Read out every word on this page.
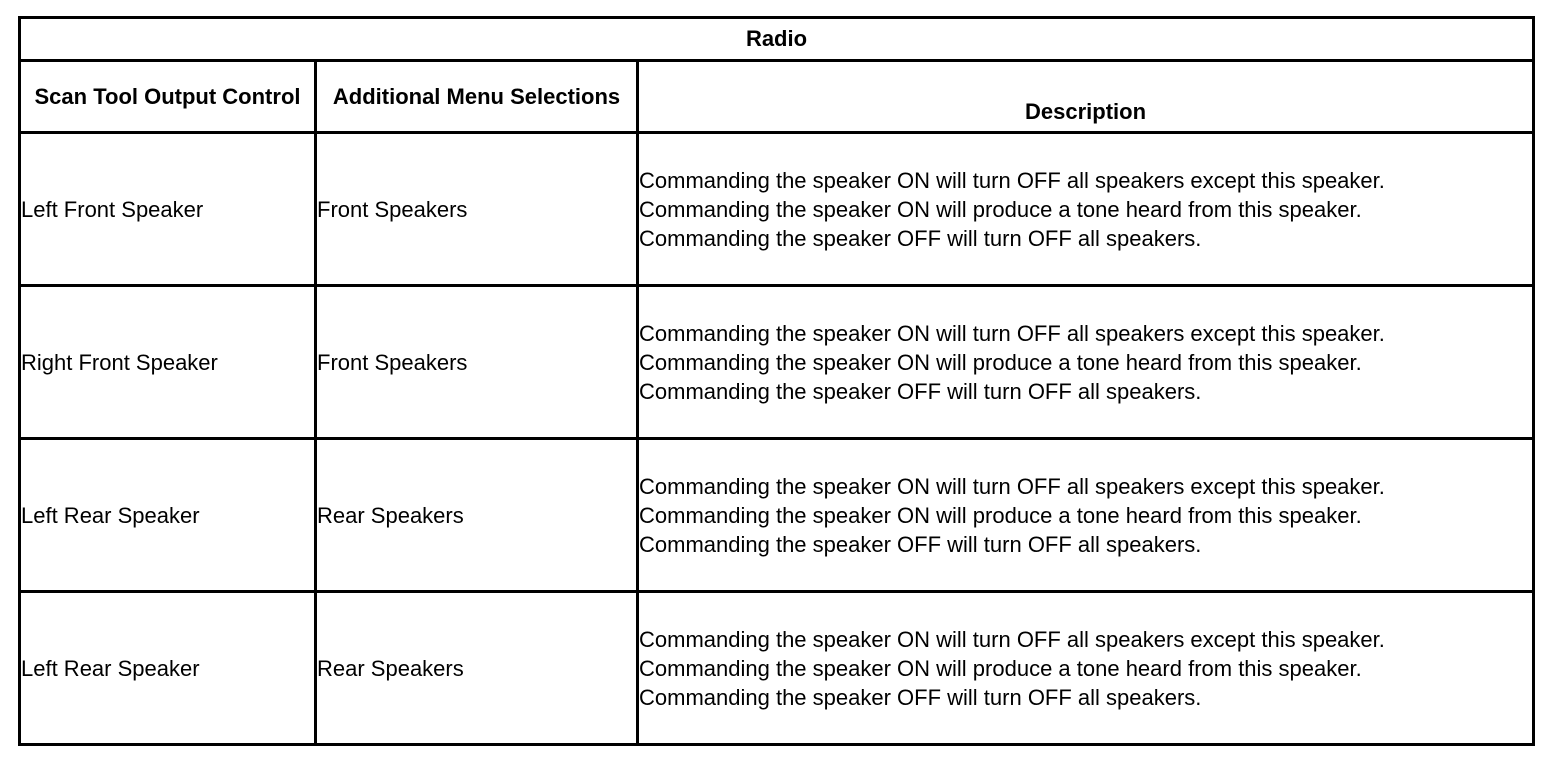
Radio		
Scan Tool Output Control	Additional Menu Selections	Description
Left Front Speaker	Front Speakers	Commanding the speaker ON will turn OFF all speakers except this speaker.
Commanding the speaker ON will produce a tone heard from this speaker.
Commanding the speaker OFF will turn OFF all speakers.

Right Front Speaker	Front Speakers	Commanding the speaker ON will turn OFF all speakers except this speaker.
Commanding the speaker ON will produce a tone heard from this speaker.
Commanding the speaker OFF will turn OFF all speakers.

Left Rear Speaker	Rear Speakers	Commanding the speaker ON will turn OFF all speakers except this speaker.
Commanding the speaker ON will produce a tone heard from this speaker.
Commanding the speaker OFF will turn OFF all speakers.

Left Rear Speaker	Rear Speakers	Commanding the speaker ON will turn OFF all speakers except this speaker.
Commanding the speaker ON will produce a tone heard from this speaker.
Commanding the speaker OFF will turn OFF all speakers.
